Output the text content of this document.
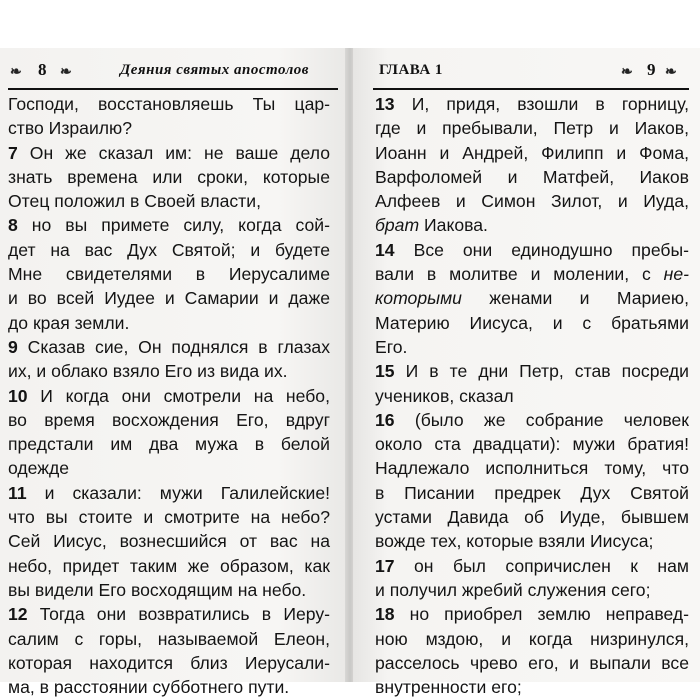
❧ 8 ❧	Деяния святых апостолов
Господи, восстановляешь Ты цар-
ство Израилю?
7 Он же сказал им: не ваше дело
знать времена или сроки, которые
Отец положил в Своей власти,
8 но вы примете силу, когда сой-
дет на вас Дух Святой; и будете
Мне свидетелями в Иерусалиме
и во всей Иудее и Самарии и даже
до края земли.
9 Сказав сие, Он поднялся в глазах
их, и облако взяло Его из вида их.
10 И когда они смотрели на небо,
во время восхождения Его, вдруг
предстали им два мужа в белой
одежде
11 и сказали: мужи Галилейские!
что вы стоите и смотрите на небо?
Сей Иисус, вознесшийся от вас на
небо, придет таким же образом, как
вы видели Его восходящим на небо.
12 Тогда они возвратились в Иеру-
салим с горы, называемой Елеон,
которая находится близ Иерусали-
ма, в расстоянии субботнего пути.
ГЛАВА 1	❧ 9 ❧
13 И, придя, взошли в горницу,
где и пребывали, Петр и Иаков,
Иоанн и Андрей, Филипп и Фома,
Варфоломей и Матфей, Иаков
Алфеев и Симон Зилот, и Иуда,
брат Иакова.
14 Все они единодушно пребы-
вали в молитве и молении, с не-
которыми женами и Мариею,
Материю Иисуса, и с братьями
Его.
15 И в те дни Петр, став посреди
учеников, сказал
16 (было же собрание человек
около ста двадцати): мужи братия!
Надлежало исполниться тому, что
в Писании предрек Дух Святой
устами Давида об Иуде, бывшем
вожде тех, которые взяли Иисуса;
17 он был сопричислен к нам
и получил жребий служения сего;
18 но приобрел землю неправед-
ною мздою, и когда низринулся,
расселось чрево его, и выпали все
внутренности его;
